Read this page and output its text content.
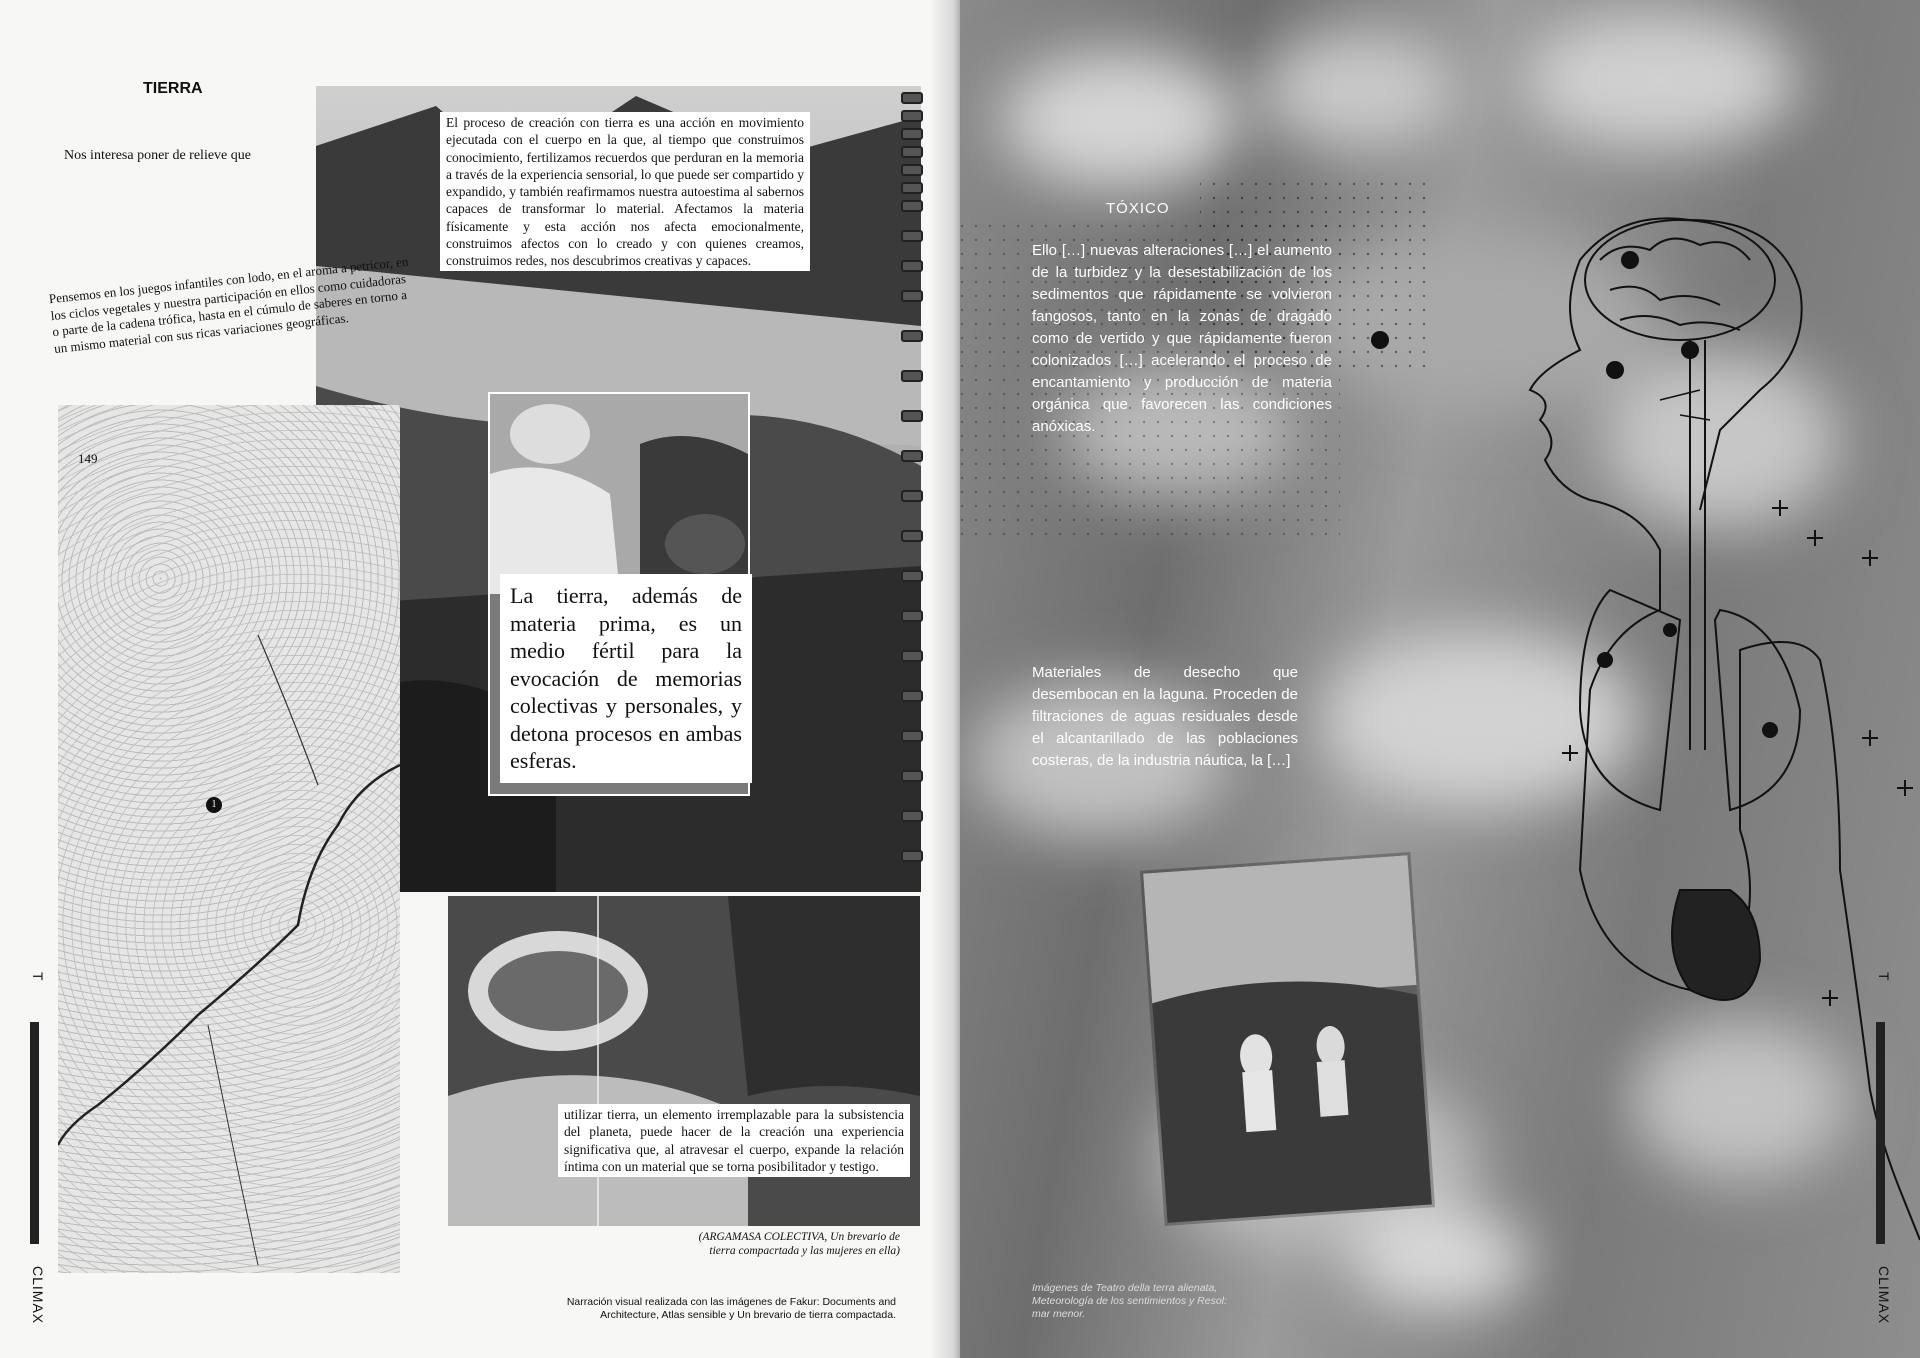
TIERRA
Nos interesa poner de relieve que
El proceso de creación con tierra es una acción en movimiento ejecutada con el cuerpo en la que, al tiempo que construimos conocimiento, fertilizamos recuerdos que perduran en la memoria a través de la experiencia sensorial, lo que puede ser compartido y expandido, y también reafirmamos nuestra autoestima al sabernos capaces de transformar lo material. Afectamos la materia físicamente y esta acción nos afecta emocionalmente, construimos afectos con lo creado y con quienes creamos, construimos redes, nos descubrimos creativas y capaces.
Pensemos en los juegos infantiles con lodo, en el aroma a petricor, en los ciclos vegetales y nuestra participación en ellos como cuidadoras o parte de la cadena trófica, hasta en el cúmulo de saberes en torno a un mismo material con sus ricas variaciones geográficas.
149
1
La tierra, además de materia prima, es un medio fértil para la evocación de memorias colectivas y personales, y detona procesos en ambas esferas.
utilizar tierra, un elemento irremplazable para la subsistencia del planeta, puede hacer de la creación una experiencia significativa que, al atravesar el cuerpo, expande la relación íntima con un material que se torna posibilitador y testigo.
(ARGAMASA COLECTIVA, Un brevario de tierra compacrtada y las mujeres en ella)
Narración visual realizada con las imágenes de Fakur: Documents and Architecture, Atlas sensible y Un brevario de tierra compactada.
T
CLIMAX
TÓXICO
Ello […] nuevas alteraciones […] el aumento de la turbidez y la desestabilización de los sedimentos que rápidamente se volvieron fangosos, tanto en la zonas de dragado como de vertido y que rápidamente fueron colonizados […] acelerando el proceso de encantamiento y producción de materia orgánica que favorecen las condiciones anóxicas.
Materiales de desecho que desembocan en la laguna. Proceden de filtraciones de aguas residuales desde el alcantarillado de las poblaciones costeras, de la industria náutica, la […]
Imágenes de Teatro della terra alienata, Meteorología de los sentimientos y Resol: mar menor.
T
CLIMAX
